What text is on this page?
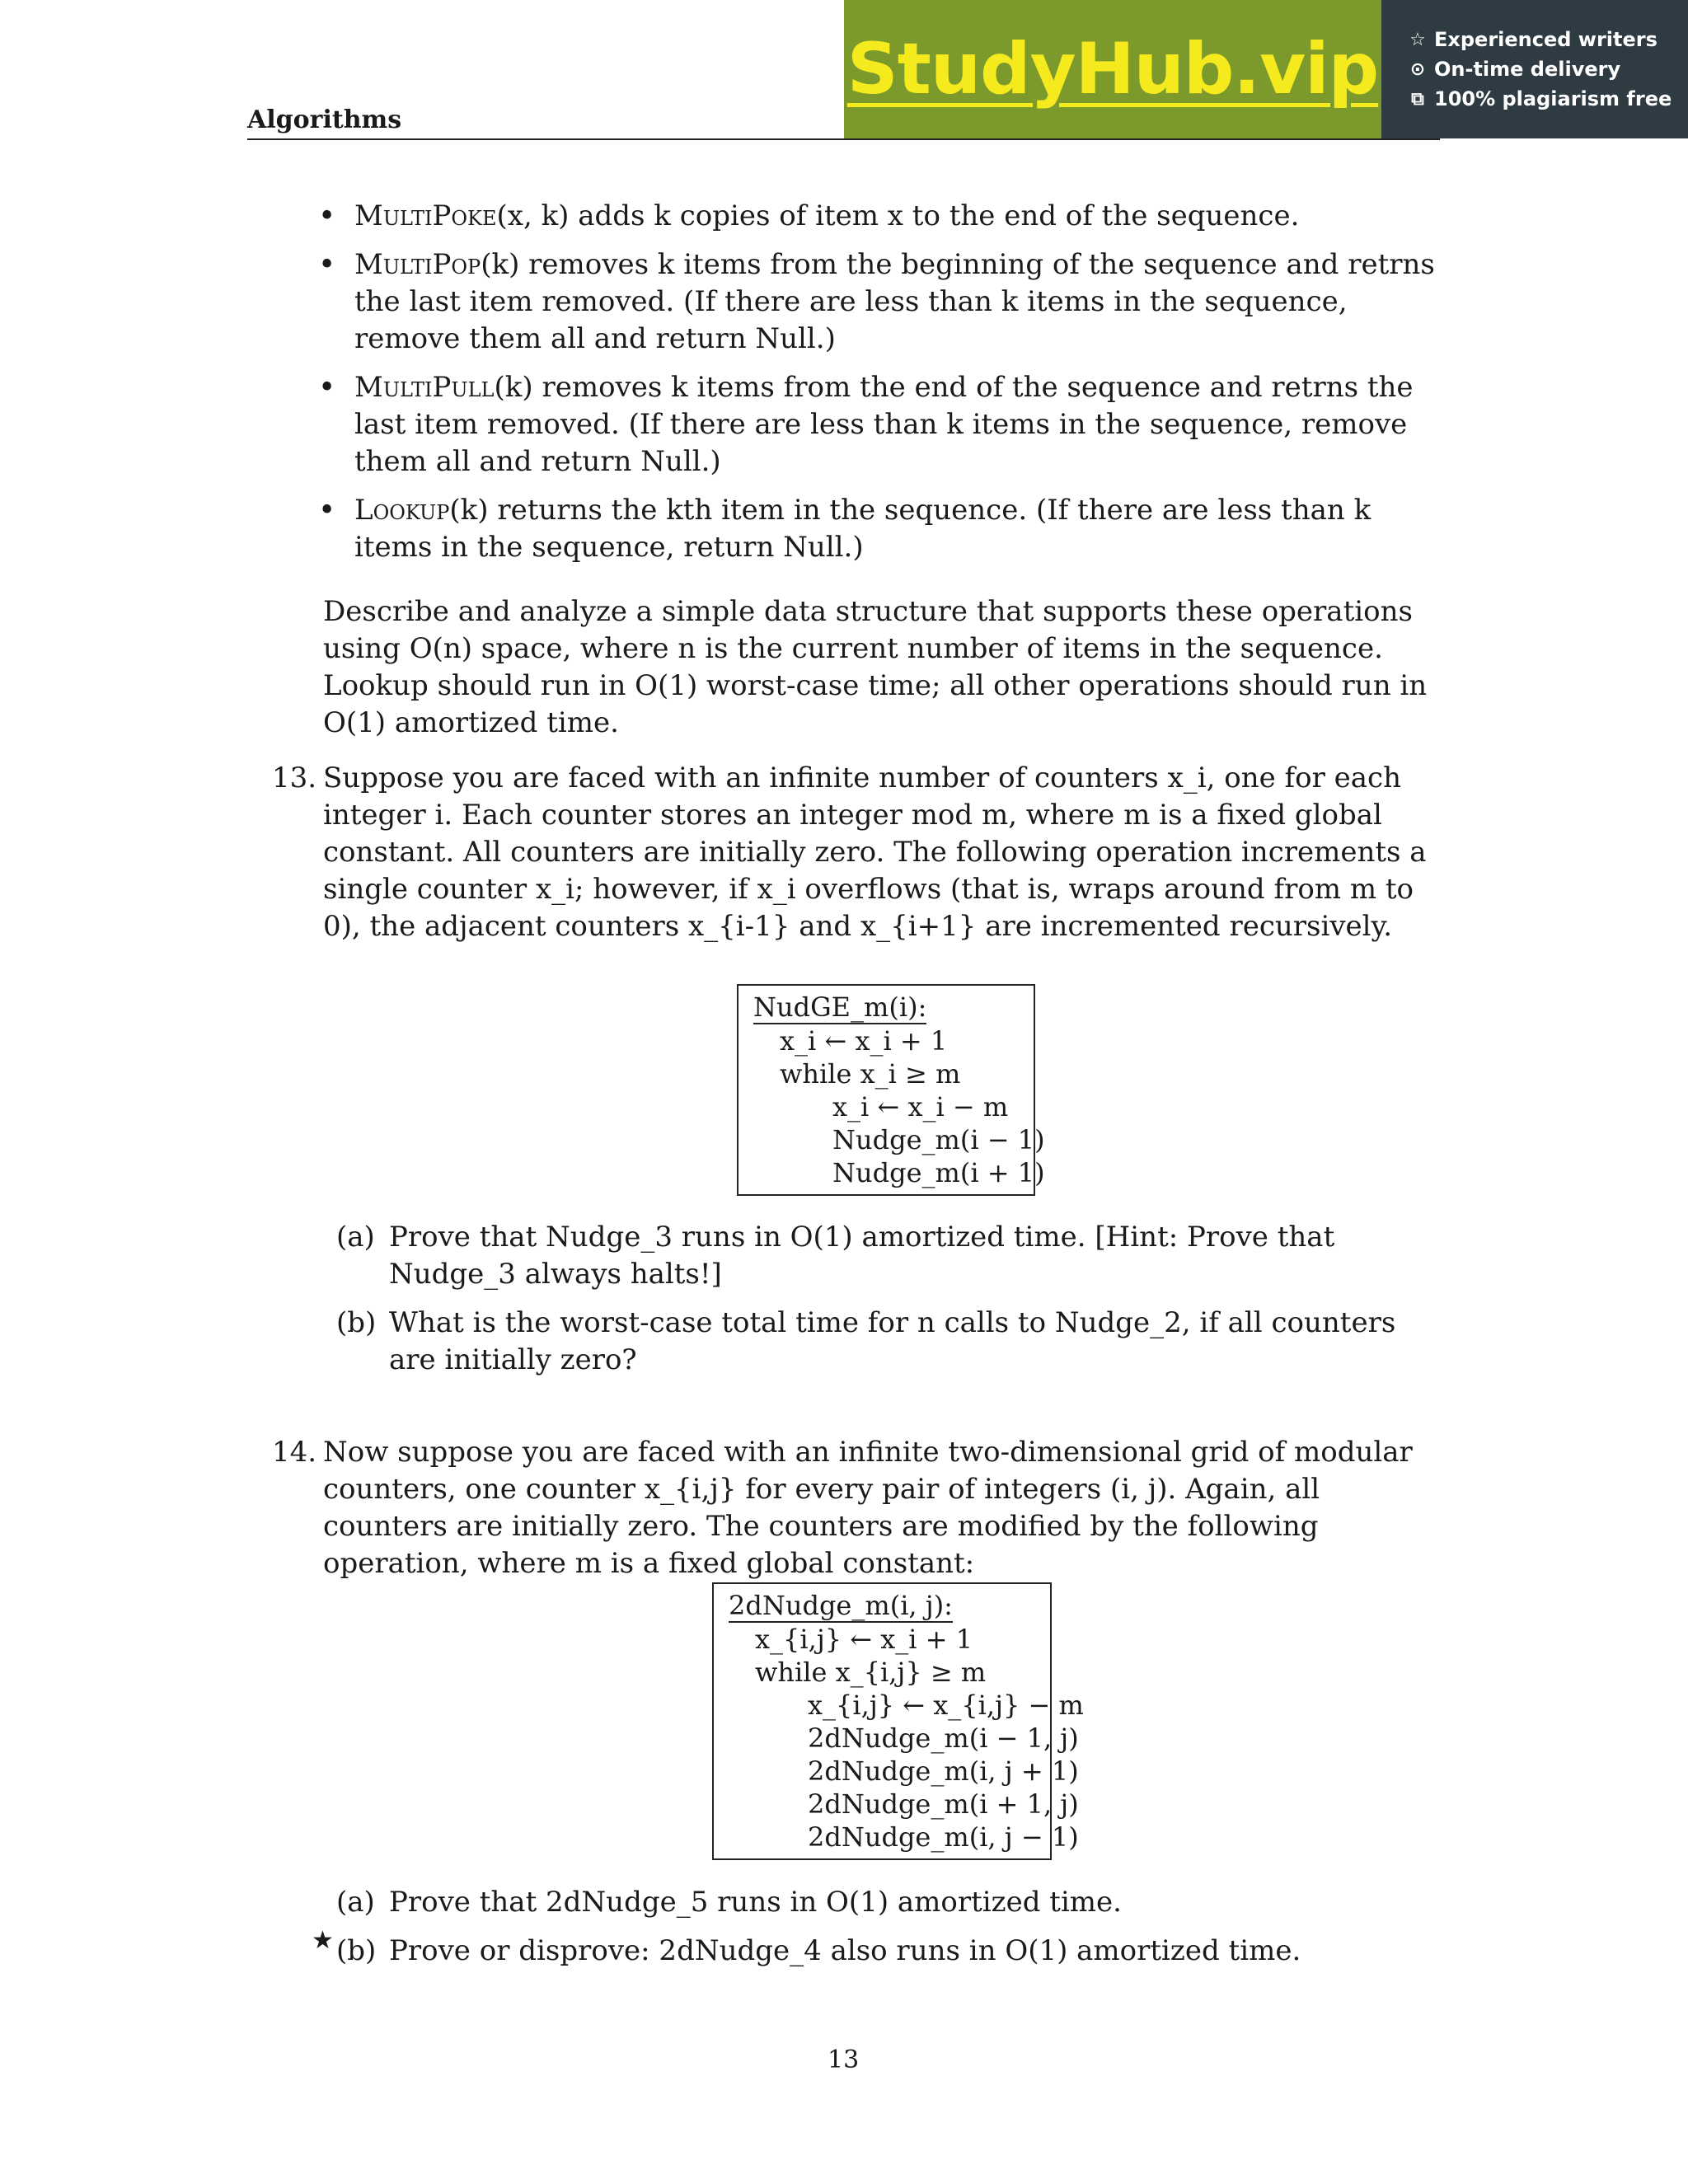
Algorithms
StudyHub.vip ☆ Experienced writers
⊙ On-time delivery
⧉ 100% plagiarism free
• MultiPoke(x, k) adds k copies of item x to the end of the sequence.
• MultiPop(k) removes k items from the beginning of the sequence and retrns the last item removed. (If there are less than k items in the sequence, remove them all and return Null.)
• MultiPull(k) removes k items from the end of the sequence and retrns the last item removed. (If there are less than k items in the sequence, remove them all and return Null.)
• Lookup(k) returns the kth item in the sequence. (If there are less than k items in the sequence, return Null.)

Describe and analyze a simple data structure that supports these operations using O(n) space, where n is the current number of items in the sequence. Lookup should run in O(1) worst-case time; all other operations should run in O(1) amortized time.

13. Suppose you are faced with an infinite number of counters x_i, one for each integer i. Each counter stores an integer mod m, where m is a fixed global constant. All counters are initially zero. The following operation increments a single counter x_i; however, if x_i overflows (that is, wraps around from m to 0), the adjacent counters x_{i-1} and x_{i+1} are incremented recursively.

NudGE_m(i):
x_i ← x_i + 1
while x_i ≥ m
x_i ← x_i − m
Nudge_m(i − 1)
Nudge_m(i + 1)
(a) Prove that Nudge_3 runs in O(1) amortized time. [Hint: Prove that Nudge_3 always halts!]
(b) What is the worst-case total time for n calls to Nudge_2, if all counters are initially zero?
14. Now suppose you are faced with an infinite two-dimensional grid of modular counters, one counter x_{i,j} for every pair of integers (i, j). Again, all counters are initially zero. The counters are modified by the following operation, where m is a fixed global constant:

2dNudge_m(i, j):
x_{i,j} ← x_i + 1
while x_{i,j} ≥ m
x_{i,j} ← x_{i,j} − m
2dNudge_m(i − 1, j)
2dNudge_m(i, j + 1)
2dNudge_m(i + 1, j)
2dNudge_m(i, j − 1)
(a) Prove that 2dNudge_5 runs in O(1) amortized time.
★ (b) Prove or disprove: 2dNudge_4 also runs in O(1) amortized time.
13
